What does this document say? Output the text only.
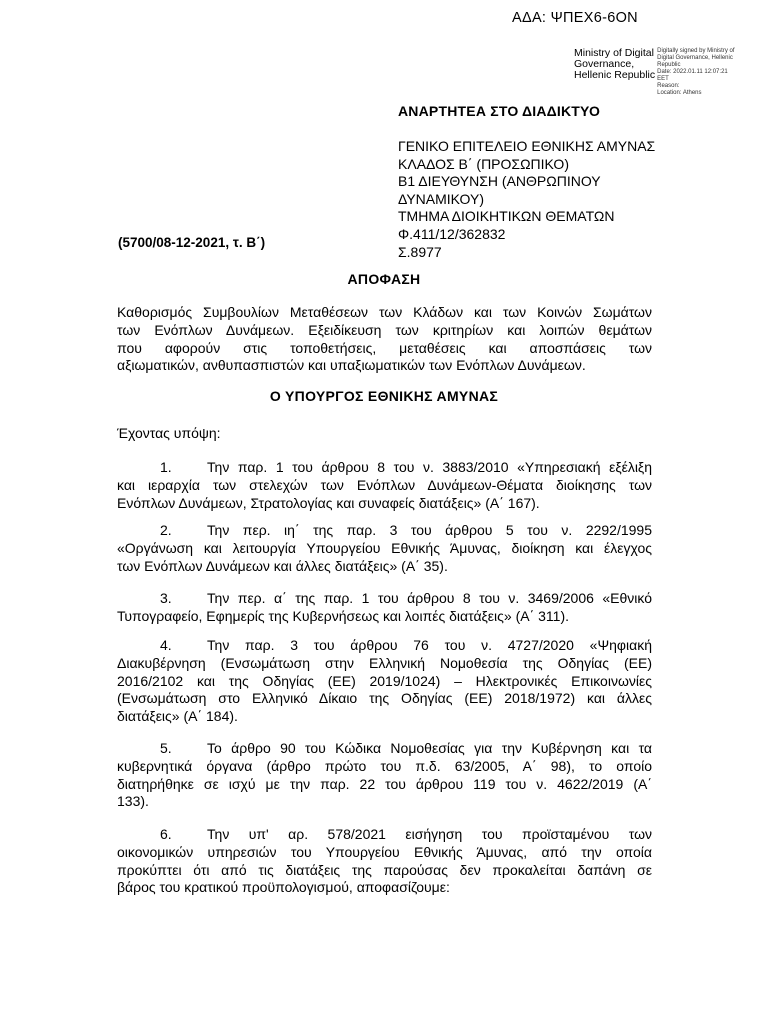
ΑΔΑ: ΨΠΕΧ6-6ΟΝ
Ministry of Digital
Governance,
Hellenic Republic
Digitally signed by Ministry of
Digital Governance, Hellenic
Republic
Date: 2022.01.11 12:07:21
EET
Reason:
Location: Athens
ΑΝΑΡΤΗΤΕΑ ΣΤΟ ΔΙΑΔΙΚΤΥΟ
ΓΕΝΙΚΟ ΕΠΙΤΕΛΕΙΟ ΕΘΝΙΚΗΣ ΑΜΥΝΑΣ
ΚΛΑΔΟΣ Β΄ (ΠΡΟΣΩΠΙΚΟ)
Β1 ΔΙΕΥΘΥΝΣΗ (ΑΝΘΡΩΠΙΝΟΥ
ΔΥΝΑΜΙΚΟΥ)
ΤΜΗΜΑ ΔΙΟΙΚΗΤΙΚΩΝ ΘΕΜΑΤΩΝ
Φ.411/12/362832
Σ.8977
(5700/08-12-2021, τ. Β΄)
ΑΠΟΦΑΣΗ
Καθορισμός Συμβουλίων Μεταθέσεων των Κλάδων και των Κοινών Σωμάτων
των Ενόπλων Δυνάμεων. Εξειδίκευση των κριτηρίων και λοιπών θεμάτων
που αφορούν στις τοποθετήσεις, μεταθέσεις και αποσπάσεις των
αξιωματικών, ανθυπασπιστών και υπαξιωματικών των Ενόπλων Δυνάμεων.
Ο ΥΠΟΥΡΓΟΣ ΕΘΝΙΚΗΣ ΑΜΥΝΑΣ
Έχοντας υπόψη:
1.	Την παρ. 1 του άρθρου 8 του ν. 3883/2010 «Υπηρεσιακή εξέλιξη
και ιεραρχία των στελεχών των Ενόπλων Δυνάμεων-Θέματα διοίκησης των
Ενόπλων Δυνάμεων, Στρατολογίας και συναφείς διατάξεις» (Α΄ 167).
2.	Την περ. ιη΄ της παρ. 3 του άρθρου 5 του ν. 2292/1995
«Οργάνωση και λειτουργία Υπουργείου Εθνικής Άμυνας, διοίκηση και έλεγχος
των Ενόπλων Δυνάμεων και άλλες διατάξεις» (Α΄ 35).
3.	Την περ. α΄ της παρ. 1 του άρθρου 8 του ν. 3469/2006 «Εθνικό
Τυπογραφείο, Εφημερίς της Κυβερνήσεως και λοιπές διατάξεις» (Α΄ 311).
4.	Την παρ. 3 του άρθρου 76 του ν. 4727/2020 «Ψηφιακή
Διακυβέρνηση (Ενσωμάτωση στην Ελληνική Νομοθεσία της Οδηγίας (ΕΕ)
2016/2102 και της Οδηγίας (ΕΕ) 2019/1024) – Ηλεκτρονικές Επικοινωνίες
(Ενσωμάτωση στο Ελληνικό Δίκαιο της Οδηγίας (ΕΕ) 2018/1972) και άλλες
διατάξεις» (Α΄ 184).
5.	Το άρθρο 90 του Κώδικα Νομοθεσίας για την Κυβέρνηση και τα
κυβερνητικά όργανα (άρθρο πρώτο του π.δ. 63/2005, Α΄ 98), το οποίο
διατηρήθηκε σε ισχύ με την παρ. 22 του άρθρου 119 του ν. 4622/2019 (Α΄
133).
6.	Την υπ' αρ. 578/2021 εισήγηση του προϊσταμένου των
οικονομικών υπηρεσιών του Υπουργείου Εθνικής Άμυνας, από την οποία
προκύπτει ότι από τις διατάξεις της παρούσας δεν προκαλείται δαπάνη σε
βάρος του κρατικού προϋπολογισμού, αποφασίζουμε:
